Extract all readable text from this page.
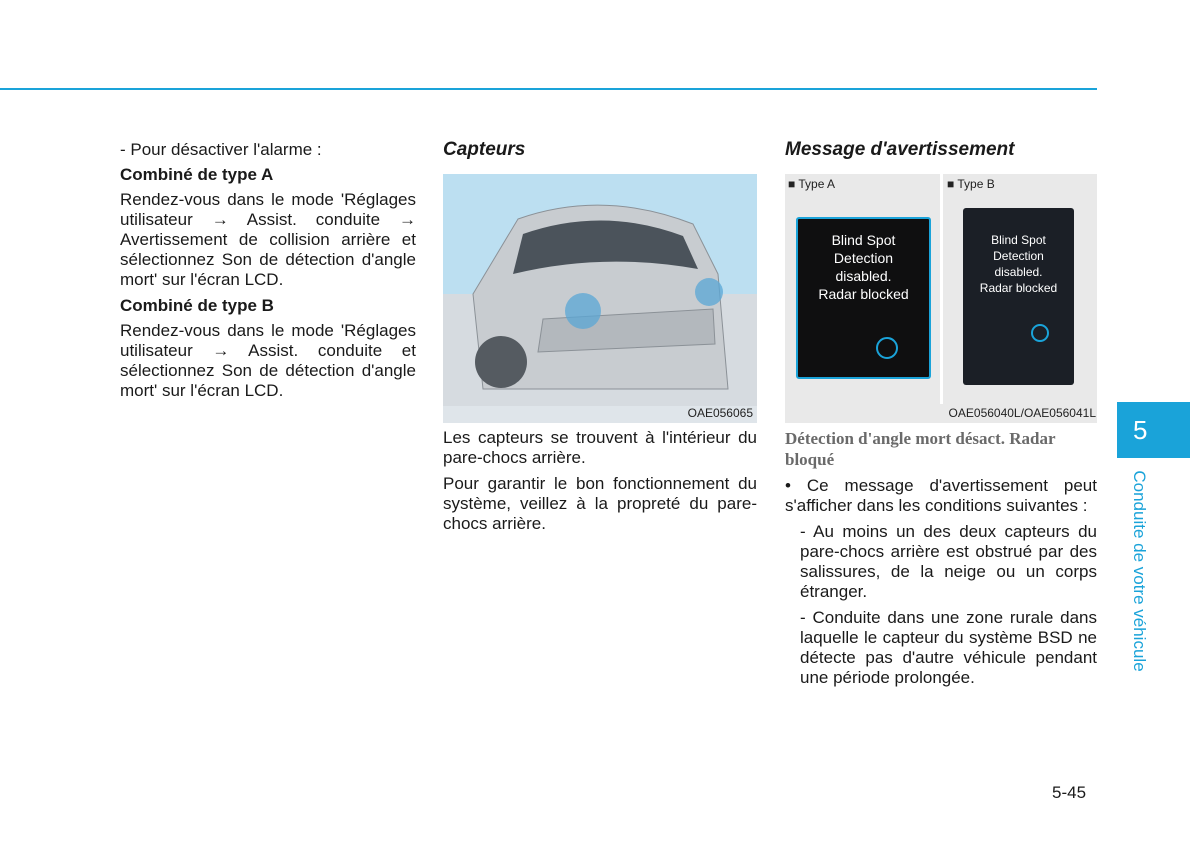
- Pour désactiver l'alarme :

Combiné de type A

Rendez-vous dans le mode 'Réglages utilisateur → Assist. conduite → Avertissement de collision arrière et sélectionnez Son de détection d'angle mort' sur l'écran LCD.

Combiné de type B

Rendez-vous dans le mode 'Réglages utilisateur → Assist. conduite et sélectionnez Son de détection d'angle mort' sur l'écran LCD.

Capteurs
OAE056065

Les capteurs se trouvent à l'intérieur du pare-chocs arrière.

Pour garantir le bon fonctionnement du système, veillez à la propreté du pare-chocs arrière.

Message d'avertissement
■ Type A	■ Type B
Blind Spot
Detection
disabled.
Radar blocked
Blind Spot
Detection
disabled.
Radar blocked
OAE056040L/OAE056041L

Détection d'angle mort désact. Radar bloqué

• Ce message d'avertissement peut s'afficher dans les conditions suivantes :

- Au moins un des deux capteurs du pare-chocs arrière est obstrué par des salissures, de la neige ou un corps étranger.

- Conduite dans une zone rurale dans laquelle le capteur du système BSD ne détecte pas d'autre véhicule pendant une période prolongée.

5
Conduite de votre véhicule
5-45
